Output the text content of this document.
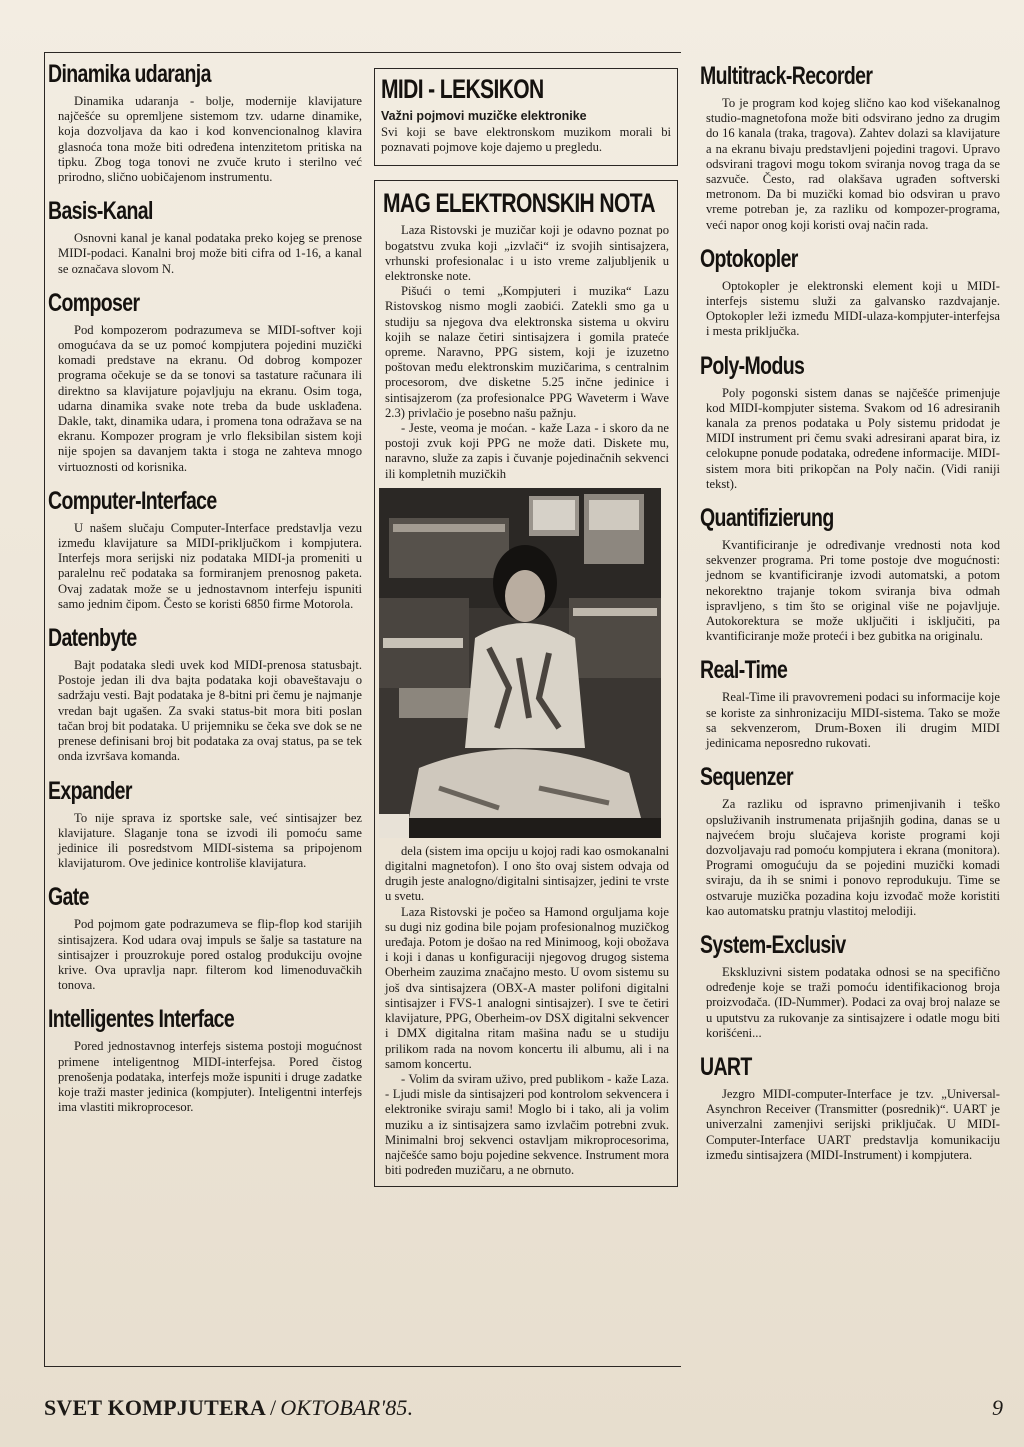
Dinamika udaranja

Dinamika udaranja - bolje, modernije klavijature najčešće su opremljene sistemom tzv. udarne dinamike, koja dozvoljava da kao i kod konvencionalnog klavira glasnoća tona može biti određena intenzitetom pritiska na tipku. Zbog toga tonovi ne zvuče kruto i sterilno već prirodno, slično uobičajenom instrumentu.

Basis-Kanal

Osnovni kanal je kanal podataka preko kojeg se prenose MIDI-podaci. Kanalni broj može biti cifra od 1-16, a kanal se označava slovom N.

Composer

Pod kompozerom podrazumeva se MIDI-softver koji omogućava da se uz pomoć kompjutera pojedini muzički komadi predstave na ekranu. Od dobrog kompozer programa očekuje se da se tonovi sa tastature računara ili direktno sa klavijature pojavljuju na ekranu. Osim toga, udarna dinamika svake note treba da bude usklađena. Dakle, takt, dinamika udara, i promena tona odražava se na ekranu. Kompozer program je vrlo fleksibilan sistem koji nije spojen sa davanjem takta i stoga ne zahteva mnogo virtuoznosti od korisnika.

Computer-Interface

U našem slučaju Computer-Interface predstavlja vezu između klavijature sa MIDI-priključkom i kompjutera. Interfejs mora serijski niz podataka MIDI-ja promeniti u paralelnu reč podataka sa formiranjem prenosnog paketa. Ovaj zadatak može se u jednostavnom interfeju ispuniti samo jednim čipom. Često se koristi 6850 firme Motorola.

Datenbyte

Bajt podataka sledi uvek kod MIDI-prenosa statusbajt. Postoje jedan ili dva bajta podataka koji obaveštavaju o sadržaju vesti. Bajt podataka je 8-bitni pri čemu je najmanje vredan bajt ugašen. Za svaki status-bit mora biti poslan tačan broj bit podataka. U prijemniku se čeka sve dok se ne prenese definisani broj bit podataka za ovaj status, pa se tek onda izvršava komanda.

Expander

To nije sprava iz sportske sale, već sintisajzer bez klavijature. Slaganje tona se izvodi ili pomoću same jedinice ili posredstvom MIDI-sistema sa pripojenom klavijaturom. Ove jedinice kontroliše klavijatura.

Gate

Pod pojmom gate podrazumeva se flip-flop kod starijih sintisajzera. Kod udara ovaj impuls se šalje sa tastature na sintisajzer i prouzrokuje pored ostalog produkciju ovojne krive. Ova upravlja napr. filterom kod limenoduvačkih tonova.

Intelligentes Interface

Pored jednostavnog interfejs sistema postoji mogućnost primene inteligentnog MIDI-interfejsa. Pored čistog prenošenja podataka, interfejs može ispuniti i druge zadatke koje traži master jedinica (kompjuter). Inteligentni interfejs ima vlastiti mikroprocesor.

MIDI - LEKSIKON
Važni pojmovi muzičke elektronike

Svi koji se bave elektronskom muzikom morali bi poznavati pojmove koje dajemo u pregledu.

MAG ELEKTRONSKIH NOTA

Laza Ristovski je muzičar koji je odavno poznat po bogatstvu zvuka koji „izvlači“ iz svojih sintisajzera, vrhunski profesionalac i u isto vreme zaljubljenik u elektronske note.

Pišući o temi „Kompjuteri i muzika“ Lazu Ristovskog nismo mogli zaobići. Zatekli smo ga u studiju sa njegova dva elektronska sistema u okviru kojih se nalaze četiri sintisajzera i gomila prateće opreme. Naravno, PPG sistem, koji je izuzetno poštovan među elektronskim muzičarima, s centralnim procesorom, dve disketne 5.25 inčne jedinice i sintisajzerom (za profesionalce PPG Waveterm i Wave 2.3) privlačio je posebno našu pažnju.

- Jeste, veoma je moćan. - kaže Laza - i skoro da ne postoji zvuk koji PPG ne može dati. Diskete mu, naravno, služe za zapis i čuvanje pojedinačnih sekvenci ili kompletnih muzičkih

dela (sistem ima opciju u kojoj radi kao osmokanalni digitalni magnetofon). I ono što ovaj sistem odvaja od drugih jeste analogno/digitalni sintisajzer, jedini te vrste u svetu.

Laza Ristovski je počeo sa Hamond orguljama koje su dugi niz godina bile pojam profesionalnog muzičkog uređaja. Potom je došao na red Minimoog, koji obožava i koji i danas u konfiguraciji njegovog drugog sistema Oberheim zauzima značajno mesto. U ovom sistemu su još dva sintisajzera (OBX-A master polifoni digitalni sintisajzer i FVS-1 analogni sintisajzer). I sve te četiri klavijature, PPG, Oberheim-ov DSX digitalni sekvencer i DMX digitalna ritam mašina nađu se u studiju prilikom rada na novom koncertu ili albumu, ali i na samom koncertu.

- Volim da sviram uživo, pred publikom - kaže Laza. - Ljudi misle da sintisajzeri pod kontrolom sekvencera i elektronike sviraju sami! Moglo bi i tako, ali ja volim muziku a iz sintisajzera samo izvlačim potrebni zvuk. Minimalni broj sekvenci ostavljam mikroprocesorima, najčešće samo boju pojedine sekvence. Instrument mora biti podređen muzičaru, a ne obrnuto.

Multitrack-Recorder

To je program kod kojeg slično kao kod višekanalnog studio-magnetofona može biti odsvirano jedno za drugim do 16 kanala (traka, tragova). Zahtev dolazi sa klavijature a na ekranu bivaju predstavljeni pojedini tragovi. Upravo odsvirani tragovi mogu tokom sviranja novog traga da se sazvuče. Često, rad olakšava ugrađen softverski metronom. Da bi muzički komad bio odsviran u pravo vreme potreban je, za razliku od kompozer-programa, veći napor onog koji koristi ovaj način rada.

Optokopler

Optokopler je elektronski element koji u MIDI-interfejs sistemu služi za galvansko razdvajanje. Optokopler leži između MIDI-ulaza-kompjuter-interfejsa i mesta priključka.

Poly-Modus

Poly pogonski sistem danas se najčešće primenjuje kod MIDI-kompjuter sistema. Svakom od 16 adresiranih kanala za prenos podataka u Poly sistemu pridodat je MIDI instrument pri čemu svaki adresirani aparat bira, iz celokupne ponude podataka, određene informacije. MIDI-sistem mora biti prikopčan na Poly način. (Vidi raniji tekst).

Quantifizierung

Kvantificiranje je određivanje vrednosti nota kod sekvenzer programa. Pri tome postoje dve mogućnosti: jednom se kvantificiranje izvodi automatski, a potom nekorektno trajanje tokom sviranja biva odmah ispravljeno, s tim što se original više ne pojavljuje. Autokorektura se može uključiti i isključiti, pa kvantificiranje može proteći i bez gubitka na originalu.

Real-Time

Real-Time ili pravovremeni podaci su informacije koje se koriste za sinhronizaciju MIDI-sistema. Tako se može sa sekvenzerom, Drum-Boxen ili drugim MIDI jedinicama neposredno rukovati.

Sequenzer

Za razliku od ispravno primenjivanih i teško opsluživanih instrumenata prijašnjih godina, danas se u najvećem broju slučajeva koriste programi koji dozvoljavaju rad pomoću kompjutera i ekrana (monitora). Programi omogućuju da se pojedini muzički komadi sviraju, da ih se snimi i ponovo reprodukuju. Time se ostvaruje muzička pozadina koju izvođač može koristiti kao automatsku pratnju vlastitoj melodiji.

System-Exclusiv

Ekskluzivni sistem podataka odnosi se na specifično određenje koje se traži pomoću identifikacionog broja proizvođača. (ID-Nummer). Podaci za ovaj broj nalaze se u uputstvu za rukovanje za sintisajzere i odatle mogu biti korišćeni...

UART

Jezgro MIDI-computer-Interface je tzv. „Universal-Asynchron Receiver (Transmitter (posrednik)“. UART je univerzalni zamenjivi serijski priključak. U MIDI-Computer-Interface UART predstavlja komunikaciju između sintisajzera (MIDI-Instrument) i kompjutera.

SVET KOMPJUTERA / OKTOBAR'85.	9
